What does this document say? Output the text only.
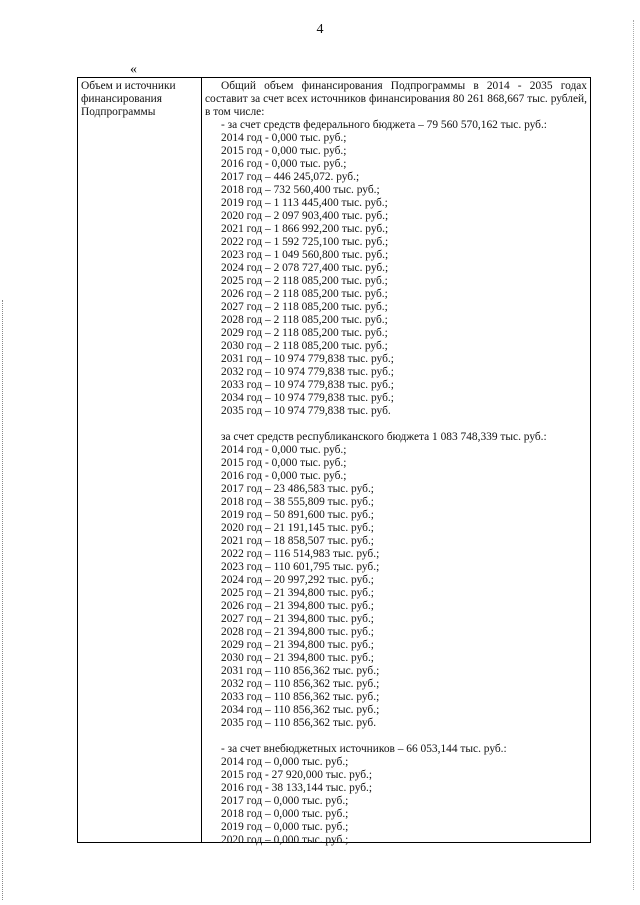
4
«
Объем и источники
финансирования
Подпрограммы

Общий объем финансирования Подпрограммы в 2014 - 2035 годах составит за счет всех источников финансирования 80 261 868,667 тыс. рублей, в том числе:

- за счет средств федерального бюджета – 79 560 570,162 тыс. руб.:

2014 год - 0,000 тыс. руб.;
2015 год - 0,000 тыс. руб.;
2016 год - 0,000 тыс. руб.;
2017 год – 446 245,072. руб.;
2018 год – 732 560,400 тыс. руб.;
2019 год – 1 113 445,400 тыс. руб.;
2020 год – 2 097 903,400 тыс. руб.;
2021 год – 1 866 992,200 тыс. руб.;
2022 год – 1 592 725,100 тыс. руб.;
2023 год – 1 049 560,800 тыс. руб.;
2024 год – 2 078 727,400 тыс. руб.;
2025 год – 2 118 085,200 тыс. руб.;
2026 год – 2 118 085,200 тыс. руб.;
2027 год – 2 118 085,200 тыс. руб.;
2028 год – 2 118 085,200 тыс. руб.;
2029 год – 2 118 085,200 тыс. руб.;
2030 год – 2 118 085,200 тыс. руб.;
2031 год – 10 974 779,838 тыс. руб.;
2032 год – 10 974 779,838 тыс. руб.;
2033 год – 10 974 779,838 тыс. руб.;
2034 год – 10 974 779,838 тыс. руб.;
2035 год – 10 974 779,838 тыс. руб.

за счет средств республиканского бюджета 1 083 748,339 тыс. руб.:

2014 год - 0,000 тыс. руб.;
2015 год - 0,000 тыс. руб.;
2016 год - 0,000 тыс. руб.;
2017 год – 23 486,583 тыс. руб.;
2018 год – 38 555,809 тыс. руб.;
2019 год – 50 891,600 тыс. руб.;
2020 год – 21 191,145 тыс. руб.;
2021 год – 18 858,507 тыс. руб.;
2022 год – 116 514,983 тыс. руб.;
2023 год – 110 601,795 тыс. руб.;
2024 год – 20 997,292 тыс. руб.;
2025 год – 21 394,800 тыс. руб.;
2026 год – 21 394,800 тыс. руб.;
2027 год – 21 394,800 тыс. руб.;
2028 год – 21 394,800 тыс. руб.;
2029 год – 21 394,800 тыс. руб.;
2030 год – 21 394,800 тыс. руб.;
2031 год – 110 856,362 тыс. руб.;
2032 год – 110 856,362 тыс. руб.;
2033 год – 110 856,362 тыс. руб.;
2034 год – 110 856,362 тыс. руб.;
2035 год – 110 856,362 тыс. руб.

- за счет внебюджетных источников – 66 053,144 тыс. руб.:

2014 год – 0,000 тыс. руб.;
2015 год - 27 920,000 тыс. руб.;
2016 год - 38 133,144 тыс. руб.;
2017 год – 0,000 тыс. руб.;
2018 год – 0,000 тыс. руб.;
2019 год – 0,000 тыс. руб.;
2020 год – 0,000 тыс. руб.;
